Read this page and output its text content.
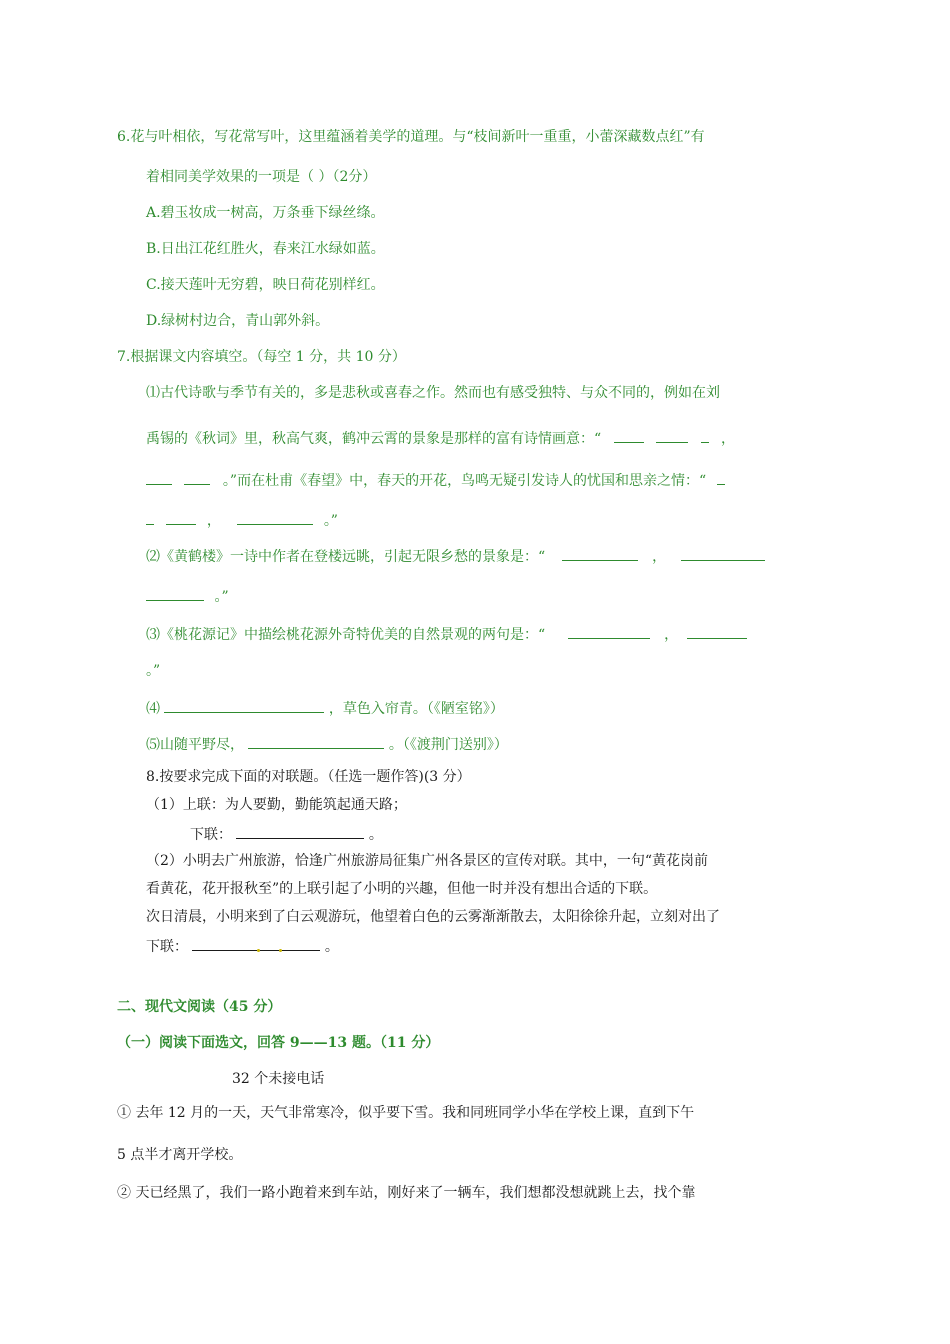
6.花与叶相依，写花常写叶，这里蕴涵着美学的道理。与“枝间新叶一重重，小蕾深藏数点红”有
着相同美学效果的一项是（ ）（2分）
A.碧玉妆成一树高，万条垂下绿丝绦。
B.日出江花红胜火，春来江水绿如蓝。
C.接天莲叶无穷碧，映日荷花别样红。
D.绿树村边合，青山郭外斜。
7.根据课文内容填空。（每空 1 分，共 10 分）
⑴古代诗歌与季节有关的，多是悲秋或喜春之作。然而也有感受独特、与众不同的，例如在刘
禹锡的《秋词》里，秋高气爽，鹤冲云霄的景象是那样的富有诗情画意：“	，
。”而在杜甫《春望》中，春天的开花，鸟鸣无疑引发诗人的忧国和思亲之情：“
，	。”
⑵《黄鹤楼》一诗中作者在登楼远眺，引起无限乡愁的景象是：“	，
。”
⑶《桃花源记》中描绘桃花源外奇特优美的自然景观的两句是：“	，
。”
⑷	，草色入帘青。（《陋室铭》）
⑸山随平野尽，	。（《渡荆门送别》）
8.按要求完成下面的对联题。（任选一题作答)(3 分）
（1）上联：为人要勤，勤能筑起通天路；
下联：	。
（2）小明去广州旅游，恰逢广州旅游局征集广州各景区的宣传对联。其中，一句“黄花岗前
看黄花，花开报秋至”的上联引起了小明的兴趣，但他一时并没有想出合适的下联。
次日清晨，小明来到了白云观游玩，他望着白色的云雾渐渐散去，太阳徐徐升起，立刻对出了
下联：	。
二、现代文阅读（45 分）
（一）阅读下面选文，回答 9——13 题。（11 分）
32 个未接电话
① 去年 12 月的一天，天气非常寒冷，似乎要下雪。我和同班同学小华在学校上课，直到下午
5 点半才离开学校。
② 天已经黑了，我们一路小跑着来到车站，刚好来了一辆车，我们想都没想就跳上去，找个靠
